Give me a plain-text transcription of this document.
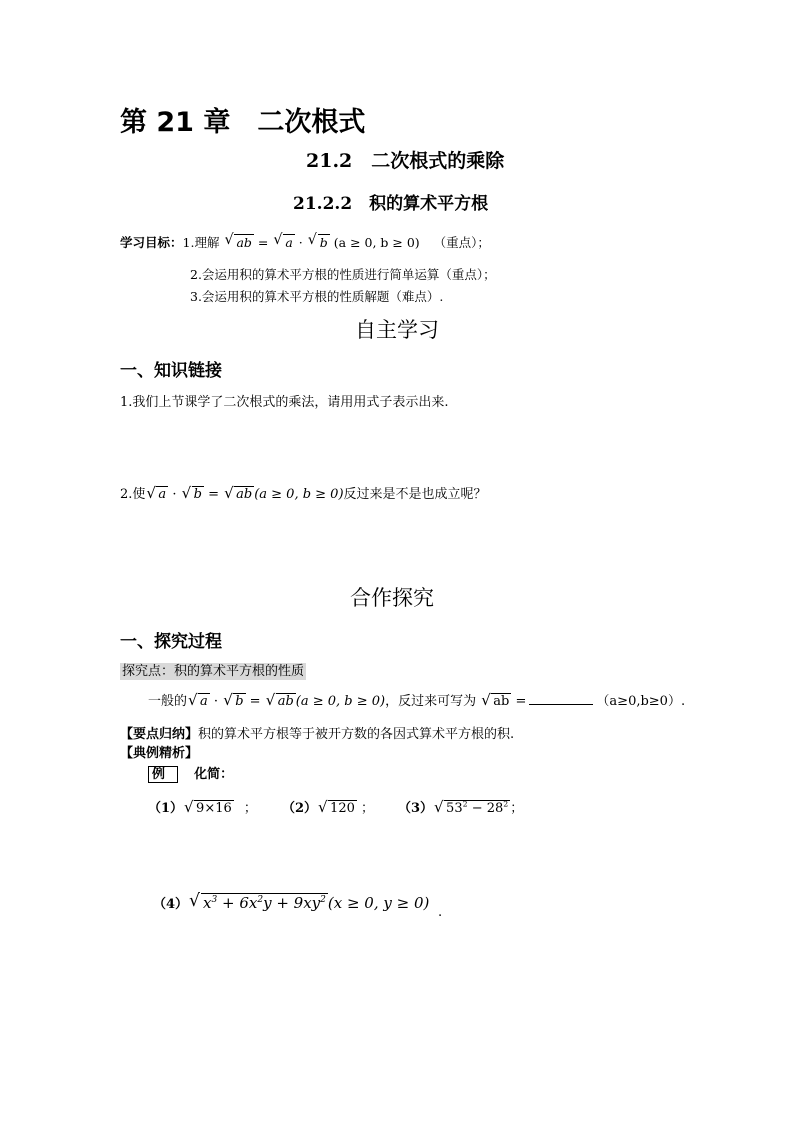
第 21 章　二次根式
21.2　二次根式的乘除
21.2.2　积的算术平方根
学习目标：1.理解 √ ab = √ a · √ b (a ≥ 0, b ≥ 0) （重点）；
2.会运用积的算术平方根的性质进行简单运算（重点）；
3.会运用积的算术平方根的性质解题（难点）.
自主学习
一、知识链接
1.我们上节课学了二次根式的乘法，请用用式子表示出来.
2.使 √ a · √ b = √ ab (a ≥ 0, b ≥ 0)反过来是不是也成立呢？
合作探究
一、探究过程
探究点：积的算术平方根的性质
一般的 √ a · √ b = √ ab (a ≥ 0, b ≥ 0)，反过来可写为 √ ab =	（a≥0,b≥0）.
【要点归纳】积的算术平方根等于被开方数的各因式算术平方根的积.
【典例精析】
例 化简：
（1） √ 9×16 ； （2） √ 120 ； （3） √ $53^2 - 28^2$ ；
（4） √ $x^3 + 6x^2y + 9xy^2$ (x ≥ 0, y ≥ 0)
.
